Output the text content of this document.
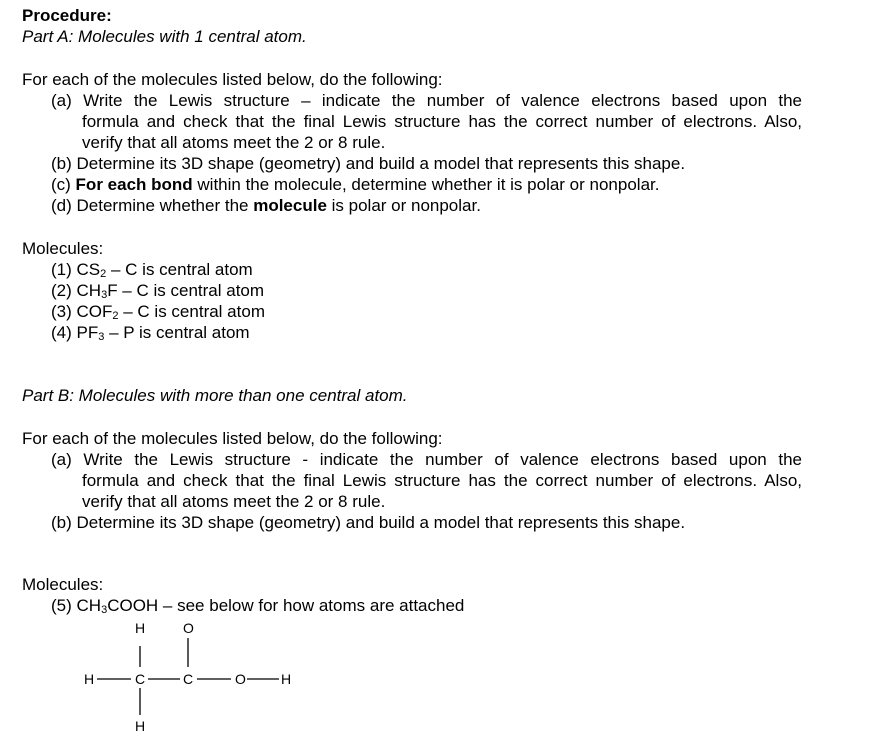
Procedure:
Part A: Molecules with 1 central atom.
For each of the molecules listed below, do the following:
(a) Write the Lewis structure – indicate the number of valence electrons based upon the
formula and check that the final Lewis structure has the correct number of electrons. Also,
verify that all atoms meet the 2 or 8 rule.
(b) Determine its 3D shape (geometry) and build a model that represents this shape.
(c) For each bond within the molecule, determine whether it is polar or nonpolar.
(d) Determine whether the molecule is polar or nonpolar.
Molecules:
(1) $CS_2$ – C is central atom
(2) $CH_3F$ – C is central atom
(3) $COF_2$ – C is central atom
(4) $PF_3$ – P is central atom
Part B: Molecules with more than one central atom.
For each of the molecules listed below, do the following:
(a) Write the Lewis structure - indicate the number of valence electrons based upon the
formula and check that the final Lewis structure has the correct number of electrons. Also,
verify that all atoms meet the 2 or 8 rule.
(b) Determine its 3D shape (geometry) and build a model that represents this shape.
Molecules:
(5) $CH_3COOH$ – see below for how atoms are attached
H	O
H	C	C	O	H
H
